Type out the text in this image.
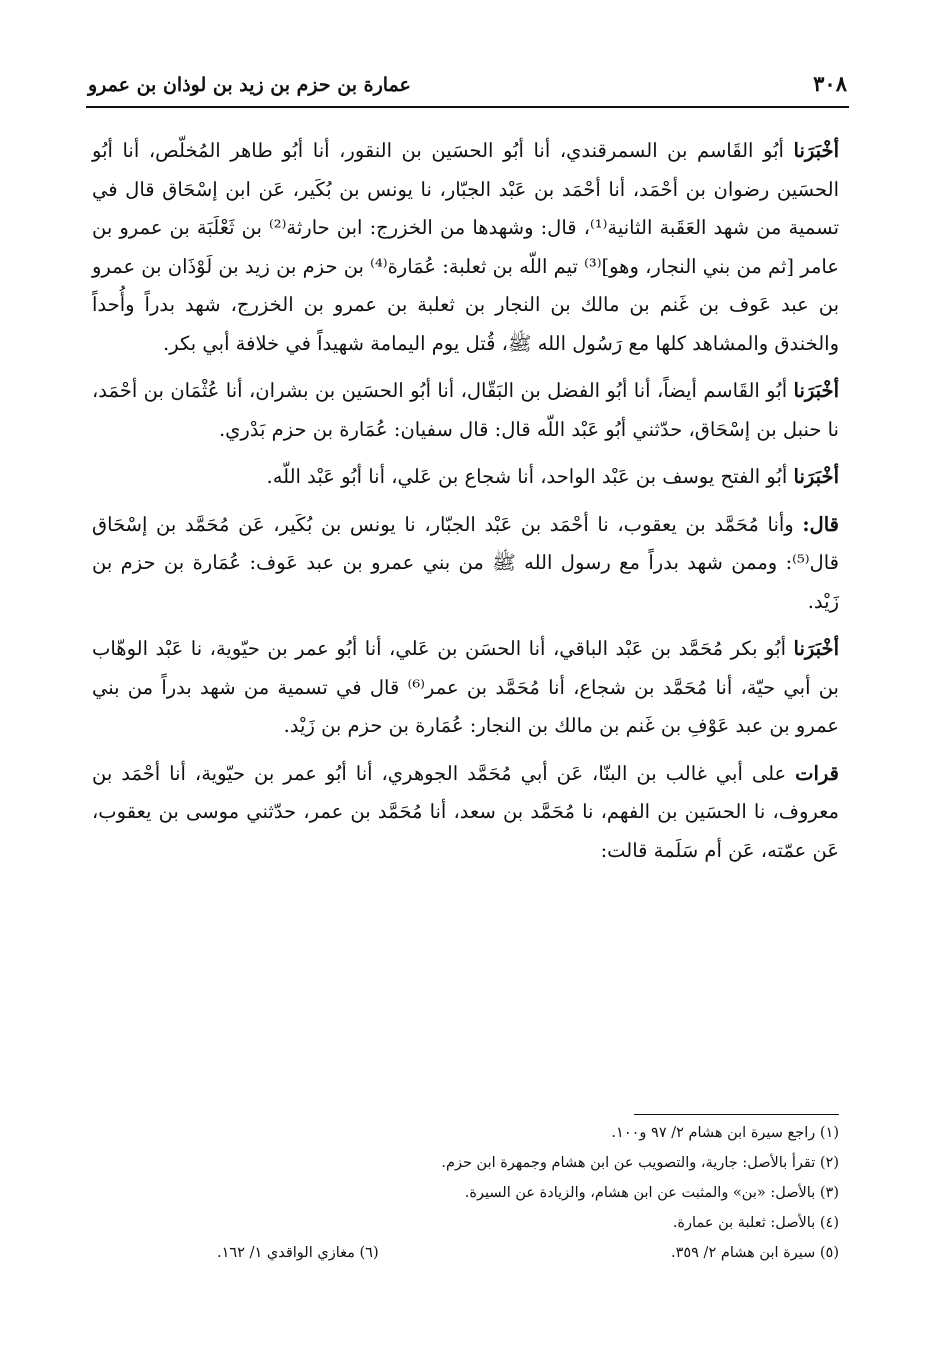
٣٠٨
عمارة بن حزم بن زيد بن لوذان بن عمرو

أخْبَرَنا أبُو القَاسم بن السمرقندي، أنا أبُو الحسَين بن النقور، أنا أبُو طاهر المُخلّص، أنا أبُو الحسَين رضوان بن أحْمَد، أنا أحْمَد بن عَبْد الجبّار، نا يونس بن بُكَير، عَن ابن إسْحَاق قال في تسمية من شهد العَقَبة الثانية⁽¹⁾، قال: وشهدها من الخزرج: ابن حارثة⁽²⁾ بن ثَعْلَبَة بن عمرو بن عامر [ثم من بني النجار، وهو]⁽³⁾ تيم اللّه بن ثعلبة: عُمَارة⁽⁴⁾ بن حزم بن زيد بن لَوْذَان بن عمرو بن عبد عَوف بن غَنم بن مالك بن النجار بن ثعلبة بن عمرو بن الخزرج، شهد بدراً وأُحداً والخندق والمشاهد كلها مع رَسُول الله ﷺ، قُتل يوم اليمامة شهيداً في خلافة أبي بكر.

أخْبَرَنا أبُو القَاسم أيضاً، أنا أبُو الفضل بن البَقّال، أنا أبُو الحسَين بن بشران، أنا عُثْمَان بن أحْمَد، نا حنبل بن إسْحَاق، حدّثني أبُو عَبْد اللّه قال: قال سفيان: عُمَارة بن حزم بَدْري.

أخْبَرَنا أبُو الفتح يوسف بن عَبْد الواحد، أنا شجاع بن عَلي، أنا أبُو عَبْد اللّه.

قال: وأنا مُحَمَّد بن يعقوب، نا أحْمَد بن عَبْد الجبّار، نا يونس بن بُكَير، عَن مُحَمَّد بن إسْحَاق قال⁽⁵⁾: وممن شهد بدراً مع رسول الله ﷺ من بني عمرو بن عبد عَوف: عُمَارة بن حزم بن زَيْد.

أخْبَرَنا أبُو بكر مُحَمَّد بن عَبْد الباقي، أنا الحسَن بن عَلي، أنا أبُو عمر بن حيّوية، نا عَبْد الوهّاب بن أبي حيّة، أنا مُحَمَّد بن شجاع، أنا مُحَمَّد بن عمر⁽⁶⁾ قال في تسمية من شهد بدراً من بني عمرو بن عبد عَوْفِ بن غَنم بن مالك بن النجار: عُمَارة بن حزم بن زَيْد.

قرات على أبي غالب بن البنّا، عَن أبي مُحَمَّد الجوهري، أنا أبُو عمر بن حيّوية، أنا أحْمَد بن معروف، نا الحسَين بن الفهم، نا مُحَمَّد بن سعد، أنا مُحَمَّد بن عمر، حدّثني موسى بن يعقوب، عَن عمّته، عَن أم سَلَمة قالت:

(١) راجع سيرة ابن هشام ٢/ ٩٧ و١٠٠.
(٢) تقرأ بالأصل: جارية، والتصويب عن ابن هشام وجمهرة ابن حزم.
(٣) بالأصل: «بن» والمثبت عن ابن هشام، والزيادة عن السيرة.
(٤) بالأصل: ثعلبة بن عمارة.
(٥) سيرة ابن هشام ٢/ ٣٥٩.
(٦) مغازي الواقدي ١/ ١٦٢.
